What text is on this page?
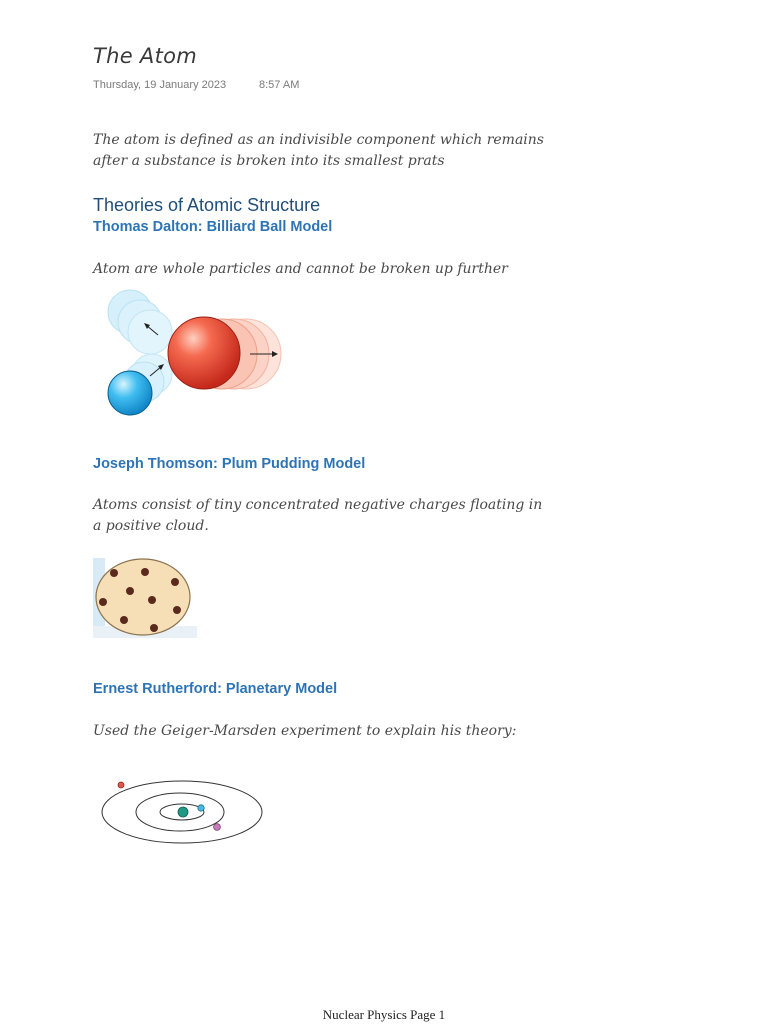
The Atom
Thursday, 19 January 2023	8:57 AM
The atom is defined as an indivisible component which remains
after a substance is broken into its smallest prats
Theories of Atomic Structure
Thomas Dalton: Billiard Ball Model
Atom are whole particles and cannot be broken up further
Joseph Thomson: Plum Pudding Model
Atoms consist of tiny concentrated negative charges floating in
a positive cloud.
Ernest Rutherford: Planetary Model
Used the Geiger-Marsden experiment to explain his theory:
Nuclear Physics Page 1
